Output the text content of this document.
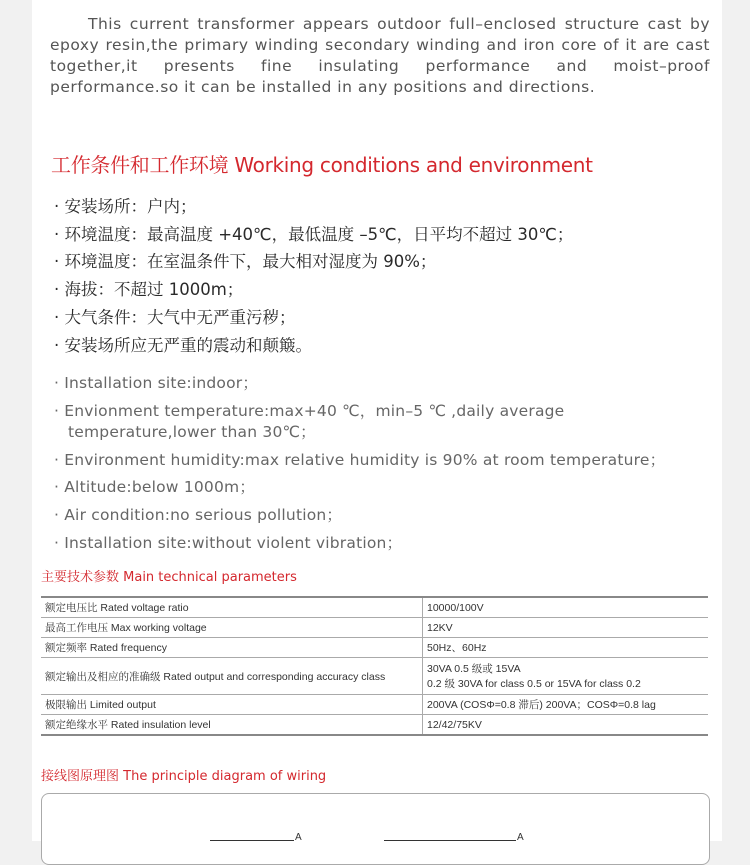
This current transformer appears outdoor full–enclosed structure cast by epoxy resin,the primary winding secondary winding and iron core of it are cast together,it presents fine insulating performance and moist–proof performance.so it can be installed in any positions and directions.

工作条件和工作环境 Working conditions and environment
· 安装场所：户内；
· 环境温度：最高温度 +40℃，最低温度 –5℃，日平均不超过 30℃；
· 环境温度：在室温条件下，最大相对湿度为 90%；
· 海拔：不超过 1000m；
· 大气条件：大气中无严重污秽；
· 安装场所应无严重的震动和颠簸。
· Installation site:indoor；
· Envionment temperature:max+40 ℃，min–5 ℃ ,daily average temperature,lower than 30℃；
· Environment humidity:max relative humidity is 90% at room temperature；
· Altitude:below 1000m；
· Air condition:no serious pollution；
· Installation site:without violent vibration；
主要技术参数 Main technical parameters
额定电压比 Rated voltage ratio	10000/100V
最高工作电压 Max working voltage	12KV
额定频率 Rated frequency	50Hz、60Hz
额定输出及相应的准确级 Rated output and corresponding accuracy class	30VA 0.5 级或 15VA
0.2 级 30VA for class 0.5 or 15VA for class 0.2

极限输出 Limited output	200VA (COSΦ=0.8 滞后) 200VA；COSΦ=0.8 lag
额定绝缘水平 Rated insulation level	12/42/75KV
接线图原理图 The principle diagram of wiring
A	A
